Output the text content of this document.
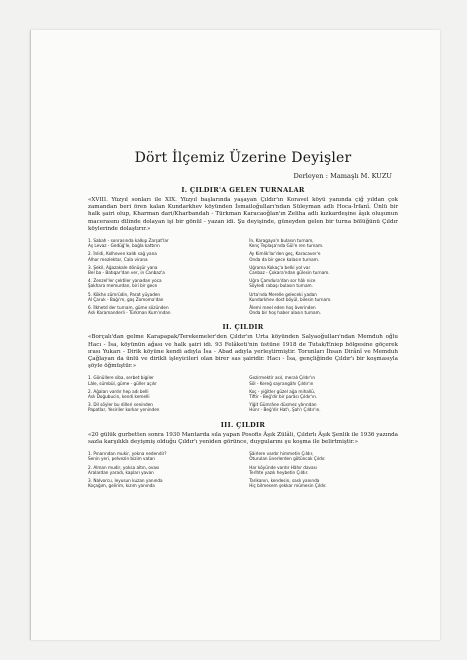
Dört İlçemiz Üzerine Deyişler
Derleyen : Mamaşlı M. KUZU
I. ÇILDIR'A GELEN TURNALAR

«XVIII. Yüzyıl sonları ile XIX. Yüzyıl başlarında yaşayan Çıldır'ın Koravel köyü yanında çiğ yıldan çok zamandan beri ören kalan Kundarkhev köyünden İsmailoğulları'ndan Süleyman adlı Hoca-İrfanî. Ünlü bir halk şairi olup, Kharman dari/Kharbandah - Türkman Karacaoğlan'ın Zeliha adlı kızkardeşine âşık oluşunun macerasını dilinde dolayan işi bir gönül - yazan idi. Şu deyişinde, güneyden gelen bir turna bölüğünü Çıldır köylerinde dolaştırır.»

1. Sabah - sonrasında kalkıp Zarşat'lar
Aş Levaz - Gedüğ'le, bağla kattırın
2. İnlidi, Kolheven kaldı sağ yana
Alhor mezlektar, Cala virana
3. Şekil, Ağazakale dönüşür yana
Bel ba - Batıqar'dan ver, in Canbaz'a
4. Zenzel'ler çektiler yanadan yoca
Şakhara memurdan, biri bir gece
5. Kökhe zümrüdin, Parat yüyaden
Al Çaruk - Bağı'm, gaş Zomoma'dan
6. İlkhetd der turnam, güme sözünden
Aslı Karamanderli - Türkman Kum'ından
İn, Karagaya'n bulasın turnam,
Kenç Teplaşa'nda Gül'e ren turnam.
Ay Kimlik'lar'den geç, Karacaver'e
Onda da bir gece kalasın turnam.
Uğrama Kokaç'a belki yol var
Canbaz - Çokara'ndan gülesin turnam.
Uğra Çamdura'dan sor hâlı nice
Söyledi rabaşı bulasın turnam.
Urta'nda Merelle geleceki yadan
Kundarkhev dost böyül, bilesin turnam.
Âlemi meel eden hoş âverinden
Onda bir hoş haber alasın turnam.
II. ÇILDIR

«Borçalı'dan gelme Karapapak/Terekemeler'den Çıldır'ın Urta köyünden Salyaoğulları'ndan Memduh oğlu Hacı - İsa, köyünün ağası ve halk şairi idi. 93 Felâketi'nin üstüne 1918 de Tutak/Eniep bölgesine göçerek ırası Yukarı - Dirik köyüne kendi adıyla İsa - Abad adıyla yerleştirmiştir. Torunları İhsan Dirânî ve Memduh Çağlayan da ünlü ve dirikli işleyicileri olan birer sas şairidir. Hacı - İsa, gençliğinde Çıldır'ı bir koşmasıyla şöyle öğmüştür.»

1. Gönüllere siba, serbet bigiler
Lâle, sümbül, güme - güller açılır
2. Ağaları vardır hep adı belli
Aslı Doğubucin, kendi kemelli
3. Dil söyler bu dilleri seninden
Papatlar, Yesiriler korkar yeninden
Gezirmektir asıl, meralı Çıldır'ın
Söl - Kereğ sayrangâhı Çıldır'ın
Koç - yiğitler güzel ağa mihallü,
Tiftir - Beğ'dir bir parâsı Çıldır'ın.
Yiğit Gümrâne düsmez yârından
Hûnr - Beğ'dir Hat'ı, Şah'ı Çıldır'ın.
III. ÇILDIR

«20 gülük gurbetten sonra 1930 Mantarda sıla yapan Posofis Âşık Zülâli, Çıldırlı Âşık Şenlik ile 1936 yazında sazla karşılıklı deyişmiş olduğu Çıldır'ı yeniden görünce, duygularını şu koşma ile belirtmiştir.»

1. Pınarından mukir, yokna nedendir?
Senin yeri, pelvezin bizim vatan
2. Alman mudir, yoksa altın, ovası
Aralardan yaradı, kapları yavan
3. Nalvorcu, leyusun kuzan yanında
Koçağım, gelirim, kızım yanında
Şâirlere vardır himmetin Çıldır,
Oturulan ünerlerden götüncak Çıldır.
Har köyünde vardır Hâhır davası
Terîhte yazılı heybetin Çıldır.
Tarikanın, kendesin, saslı yanında
Hiç bilmesem şekkar mümesin Çıldır.
